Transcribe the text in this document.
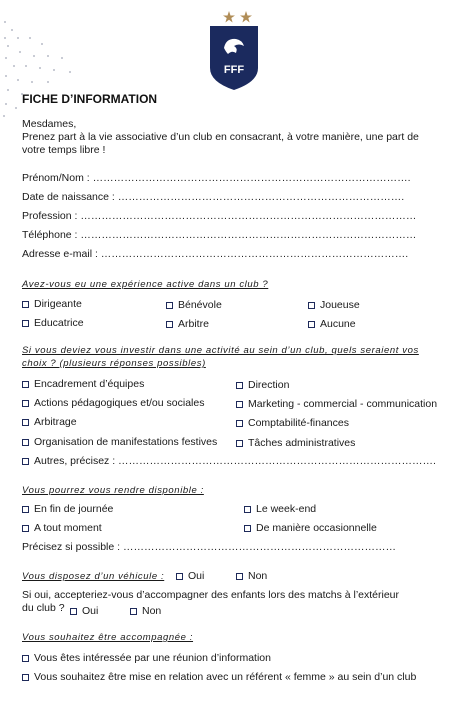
FFF
FICHE D’INFORMATION
Mesdames,
Prenez part à la vie associative d’un club en consacrant, à votre manière, une part de
votre temps libre !
Prénom/Nom : ……………………………………………………………………………….
Date de naissance : ……………………………………………………………………….
Profession : ……………………………………………………………………………………
Téléphone : ……………………………………………………………………………………
Adresse e-mail : …………………………………………………………………………….
Avez-vous eu une expérience active dans un club ?
Dirigeante	Bénévole	Joueuse
Educatrice	Arbitre	Aucune
Si vous deviez vous investir dans une activité au sein d’un club, quels seraient vos
choix ? (plusieurs réponses possibles)
Encadrement d’équipes	Direction
Actions pédagogiques et/ou sociales	Marketing - commercial - communication
Arbitrage	Comptabilité-finances
Organisation de manifestations festives	Tâches administratives
Autres, précisez : ……………………………………………………………………………….
Vous pourrez vous rendre disponible :
En fin de journée	Le week-end
A tout moment	De manière occasionnelle
Précisez si possible : ……………………………………………………………………
Vous disposez d’un véhicule :	Oui	Non
Si oui, accepteriez-vous d’accompagner des enfants lors des matchs à l’extérieur
du club ?	Oui	Non
Vous souhaitez être accompagnée :
Vous êtes intéressée par une réunion d’information
Vous souhaitez être mise en relation avec un référent « femme » au sein d’un club
